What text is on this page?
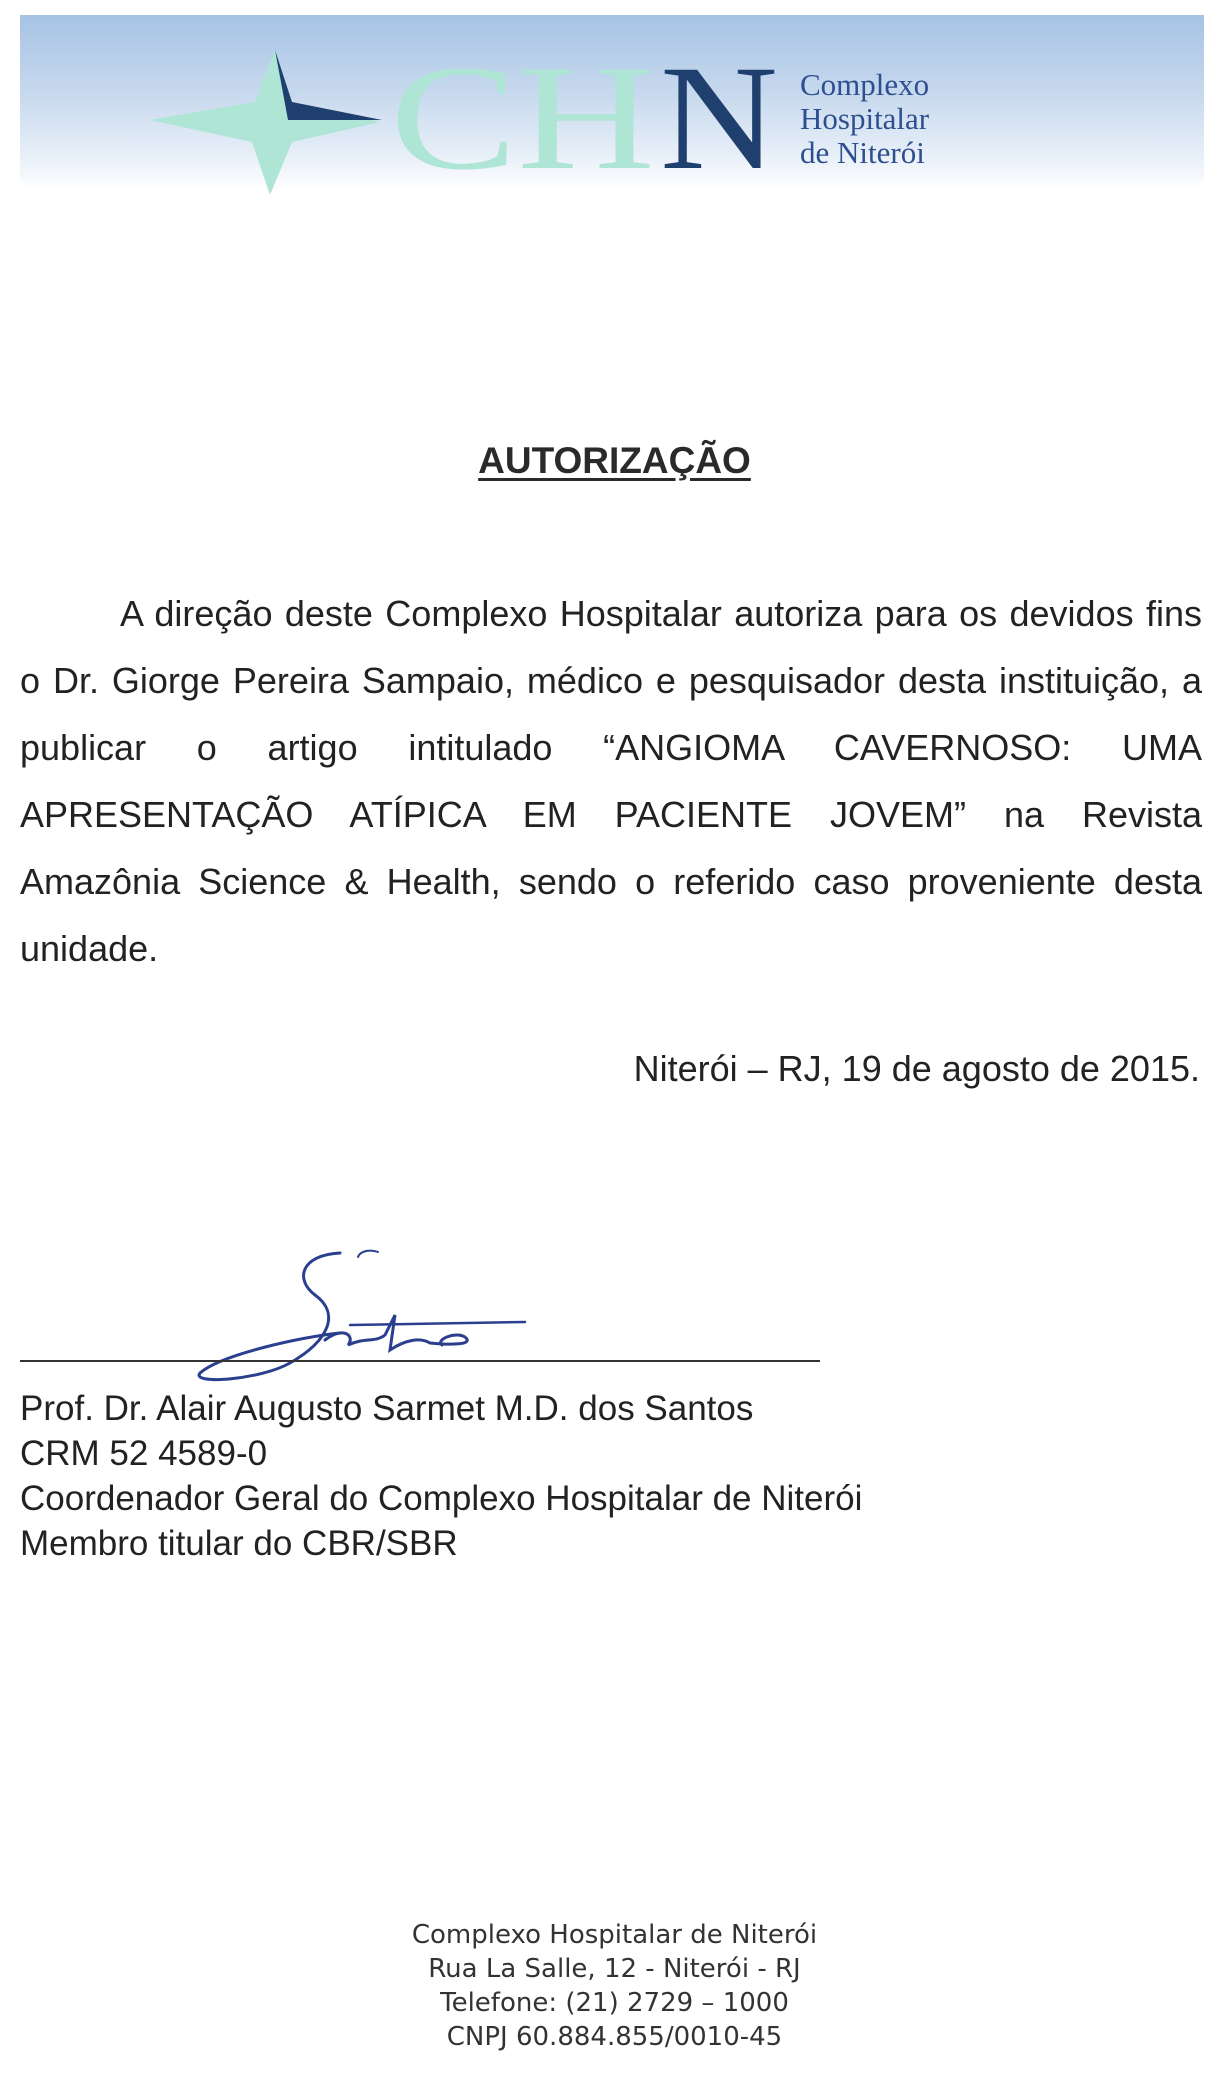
CH N Complexo
Hospitalar
de Niterói
AUTORIZAÇÃO
A direção deste Complexo Hospitalar autoriza para os devidos fins o Dr. Giorge Pereira Sampaio, médico e pesquisador desta instituição, a publicar o artigo intitulado “ANGIOMA CAVERNOSO: UMA APRESENTAÇÃO ATÍPICA EM PACIENTE JOVEM” na Revista Amazônia Science & Health, sendo o referido caso proveniente desta unidade.
Niterói – RJ, 19 de agosto de 2015.
Prof. Dr. Alair Augusto Sarmet M.D. dos Santos
CRM 52 4589-0
Coordenador Geral do Complexo Hospitalar de Niterói
Membro titular do CBR/SBR
Complexo Hospitalar de Niterói
Rua La Salle, 12 - Niterói - RJ
Telefone: (21) 2729 – 1000
CNPJ 60.884.855/0010-45
